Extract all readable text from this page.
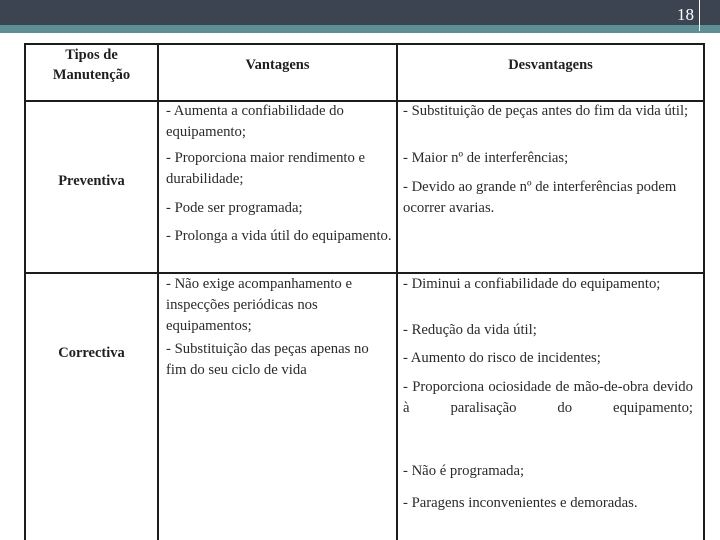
18
Tipos de Manutenção
Vantagens	Desvantagens
Preventiva
- Aumenta a confiabilidade do equipamento;
- Proporciona maior rendimento e durabilidade;
- Pode ser programada;
- Prolonga a vida útil do equipamento.
- Substituição de peças antes do fim da vida útil;
- Maior nº de interferências;
- Devido ao grande nº de interferências podem ocorrer avarias.
Correctiva
- Não exige acompanhamento e inspecções periódicas nos equipamentos;
- Substituição das peças apenas no fim do seu ciclo de vida
- Diminui a confiabilidade do equipamento;
- Redução da vida útil;
- Aumento do risco de incidentes;
- Proporciona ociosidade de mão-de-obra devido à paralisação do equipamento;
- Não é programada;
- Paragens inconvenientes e demoradas.
